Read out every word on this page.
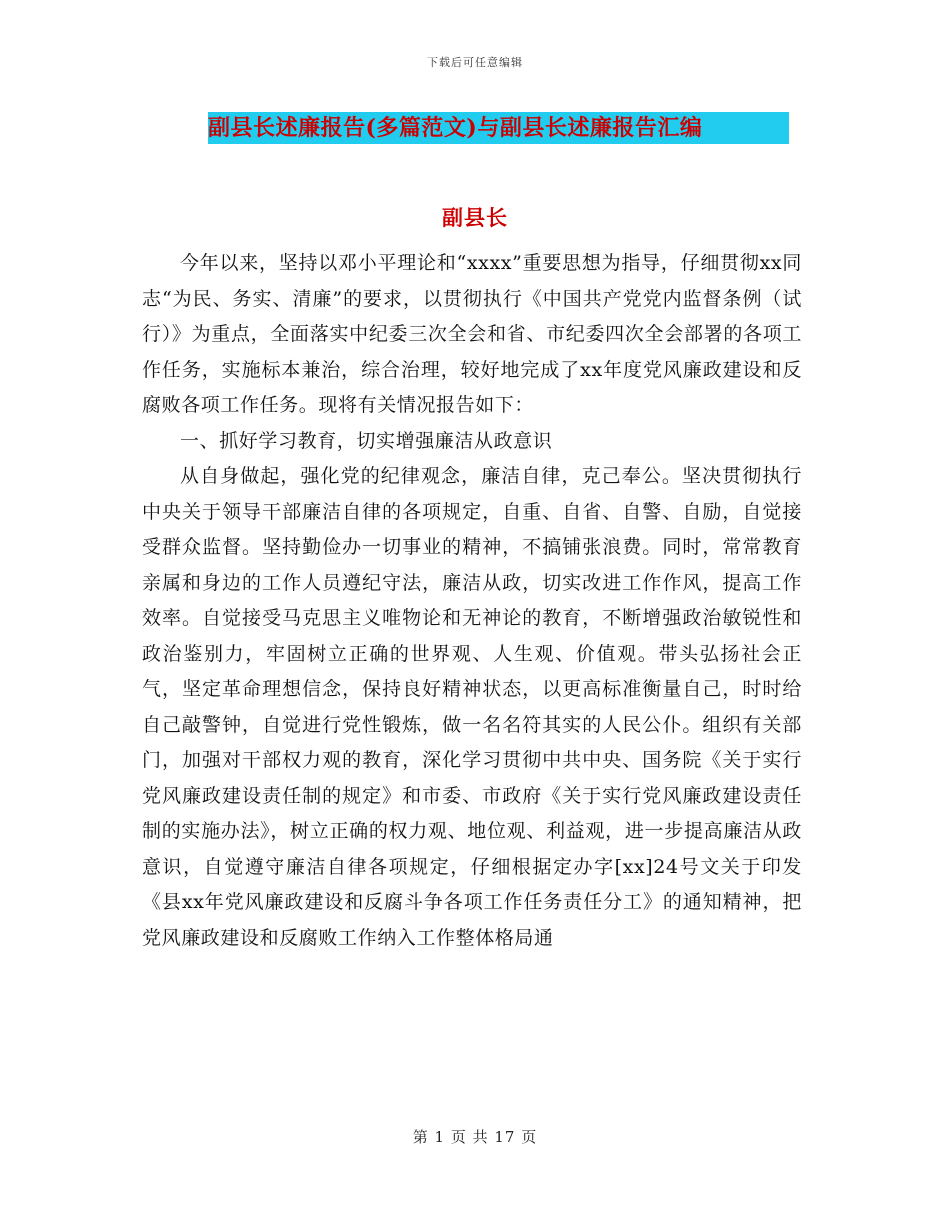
下载后可任意编辑
副县长述廉报告(多篇范文)与副县长述廉报告汇编
副县长

今年以来，坚持以邓小平理论和“xxxx”重要思想为指导，仔细贯彻xx同志“为民、务实、清廉”的要求，以贯彻执行《中国共产党党内监督条例（试行）》为重点，全面落实中纪委三次全会和省、市纪委四次全会部署的各项工作任务，实施标本兼治，综合治理，较好地完成了xx年度党风廉政建设和反腐败各项工作任务。现将有关情况报告如下：

一、抓好学习教育，切实增强廉洁从政意识

从自身做起，强化党的纪律观念，廉洁自律，克己奉公。坚决贯彻执行中央关于领导干部廉洁自律的各项规定，自重、自省、自警、自励，自觉接受群众监督。坚持勤俭办一切事业的精神，不搞铺张浪费。同时，常常教育亲属和身边的工作人员遵纪守法，廉洁从政，切实改进工作作风，提高工作效率。自觉接受马克思主义唯物论和无神论的教育，不断增强政治敏锐性和政治鉴别力，牢固树立正确的世界观、人生观、价值观。带头弘扬社会正气，坚定革命理想信念，保持良好精神状态，以更高标准衡量自己，时时给自己敲警钟，自觉进行党性锻炼，做一名名符其实的人民公仆。组织有关部门，加强对干部权力观的教育，深化学习贯彻中共中央、国务院《关于实行党风廉政建设责任制的规定》和市委、市政府《关于实行党风廉政建设责任制的实施办法》，树立正确的权力观、地位观、利益观，进一步提高廉洁从政意识，自觉遵守廉洁自律各项规定，仔细根据定办字[xx]24号文关于印发《县xx年党风廉政建设和反腐斗争各项工作任务责任分工》的通知精神，把党风廉政建设和反腐败工作纳入工作整体格局通

第 1 页 共 17 页
